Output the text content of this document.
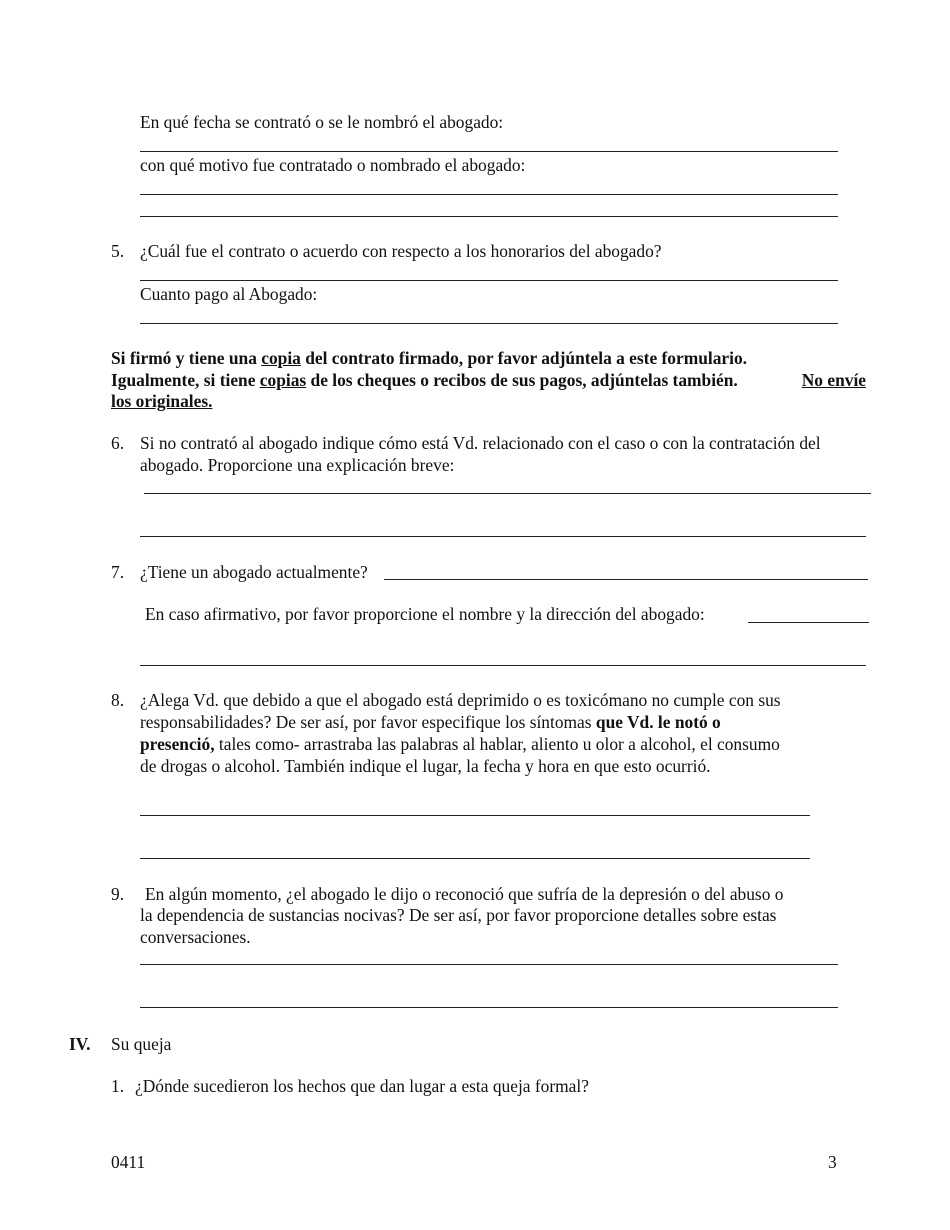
En qué fecha se contrató o se le nombró el abogado:
con qué motivo fue contratado o nombrado el abogado:
5. ¿Cuál fue el contrato o acuerdo con respecto a los honorarios del abogado?
Cuanto pago al Abogado:
Si firmó y tiene una copia del contrato firmado, por favor adjúntela a este formulario.
Igualmente, si tiene copias de los cheques o recibos de sus pagos, adjúntelas también.	No envíe
los originales.
6. Si no contrató al abogado indique cómo está Vd. relacionado con el caso o con la contratación del
abogado. Proporcione una explicación breve:
7. ¿Tiene un abogado actualmente?
En caso afirmativo, por favor proporcione el nombre y la dirección del abogado:
8. ¿Alega Vd. que debido a que el abogado está deprimido o es toxicómano no cumple con sus
responsabilidades? De ser así, por favor especifique los síntomas que Vd. le notó o
presenció, tales como- arrastraba las palabras al hablar, aliento u olor a alcohol, el consumo
de drogas o alcohol. También indique el lugar, la fecha y hora en que esto ocurrió.
9. En algún momento, ¿el abogado le dijo o reconoció que sufría de la depresión o del abuso o
la dependencia de sustancias nocivas? De ser así, por favor proporcione detalles sobre estas
conversaciones.
IV. Su queja
1. ¿Dónde sucedieron los hechos que dan lugar a esta queja formal?
0411	3
